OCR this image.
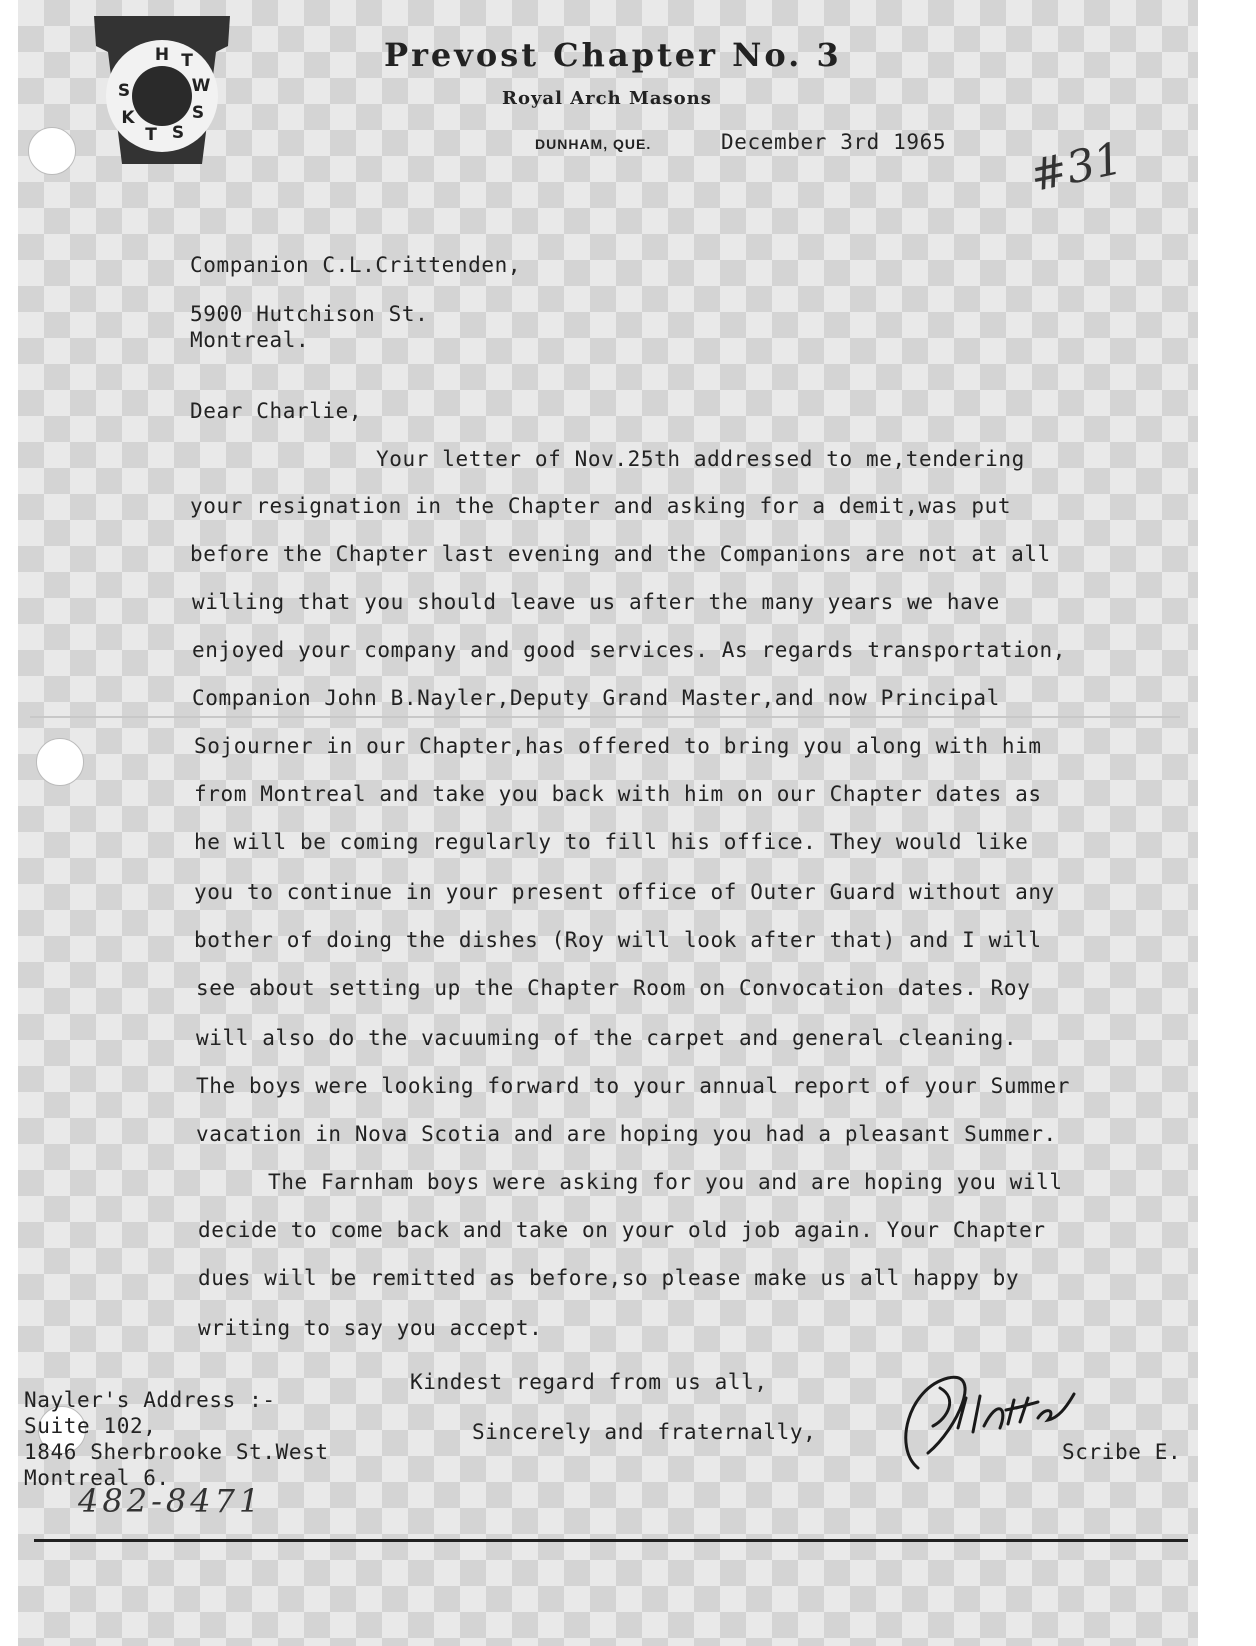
H T
W
S
S
T
K
S
Prevost Chapter No. 3
Royal Arch Masons
DUNHAM, QUE.	December 3rd 1965 #31
Companion C.L.Crittenden,
5900 Hutchison St.
Montreal.
Dear Charlie,
Your letter of Nov.25th addressed to me,tendering
your resignation in the Chapter and asking for a demit,was put
before the Chapter last evening and the Companions are not at all
willing that you should leave us after the many years we have
enjoyed your company and good services. As regards transportation,
Companion John B.Nayler,Deputy Grand Master,and now Principal
Sojourner in our Chapter,has offered to bring you along with him
from Montreal and take you back with him on our Chapter dates as
he will be coming regularly to fill his office. They would like
you to continue in your present office of Outer Guard without any
bother of doing the dishes (Roy will look after that) and I will
see about setting up the Chapter Room on Convocation dates. Roy
will also do the vacuuming of the carpet and general cleaning.
The boys were looking forward to your annual report of your Summer
vacation in Nova Scotia and are hoping you had a pleasant Summer.
The Farnham boys were asking for you and are hoping you will
decide to come back and take on your old job again. Your Chapter
dues will be remitted as before,so please make us all happy by
writing to say you accept.
Kindest regard from us all,
Sincerely and fraternally,
Scribe E.
Nayler's Address :-
Suite 102,
1846 Sherbrooke St.West
Montreal 6.
482-8471
